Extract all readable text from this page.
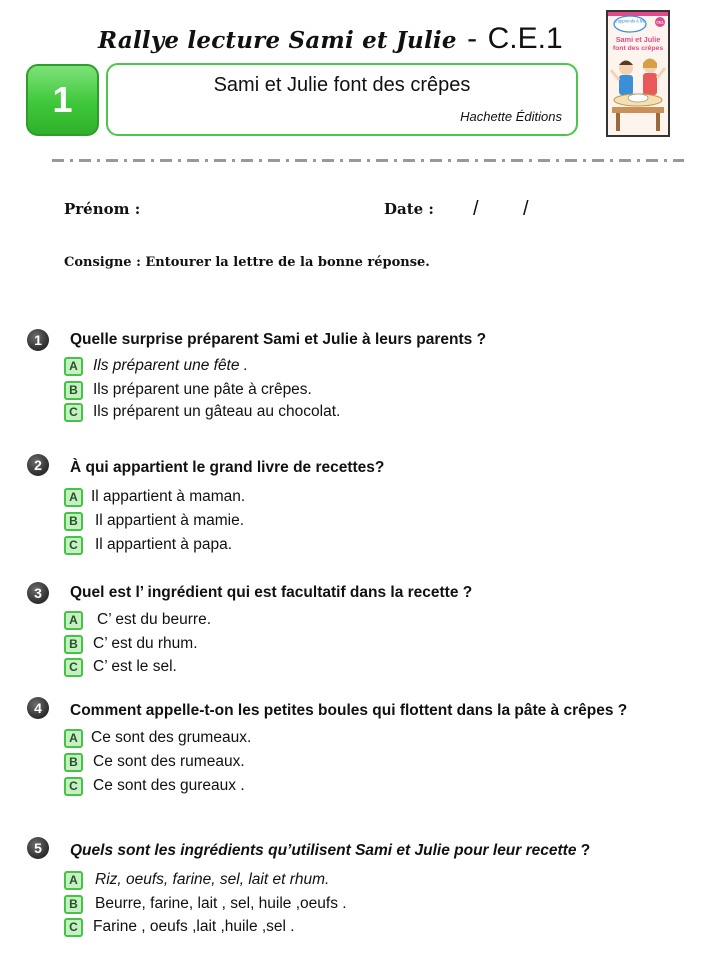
Rallye lecture Sami et Julie - C.E.1
1	Sami et Julie font des crêpes
Hachette Éditions
J'apprends à lire	CE1
Sami et Julie
font des crêpes
Prénom :	Date : / /
Consigne : Entourer la lettre de la bonne réponse.
1	Quelle surprise préparent Sami et Julie à leurs parents ?
A Ils préparent une fête .
B Ils préparent une pâte à crêpes.
C Ils préparent un gâteau au chocolat.
2	À qui appartient le grand livre de recettes?
A Il appartient à maman.
B	Il appartient à mamie.
C	Il appartient à papa.
3	Quel est l’ ingrédient qui est facultatif dans la recette ?
A	C’ est du beurre.
B C’ est du rhum.
C C’ est le sel.
4	Comment appelle-t-on les petites boules qui flottent dans la pâte à crêpes ?
A Ce sont des grumeaux.
B Ce sont des rumeaux.
C Ce sont des gureaux .
5	Quels sont les ingrédients qu’utilisent Sami et Julie pour leur recette ?
A	Riz, oeufs, farine, sel, lait et rhum.
B	Beurre, farine, lait , sel, huile ,oeufs .
C Farine , oeufs ,lait ,huile ,sel .
